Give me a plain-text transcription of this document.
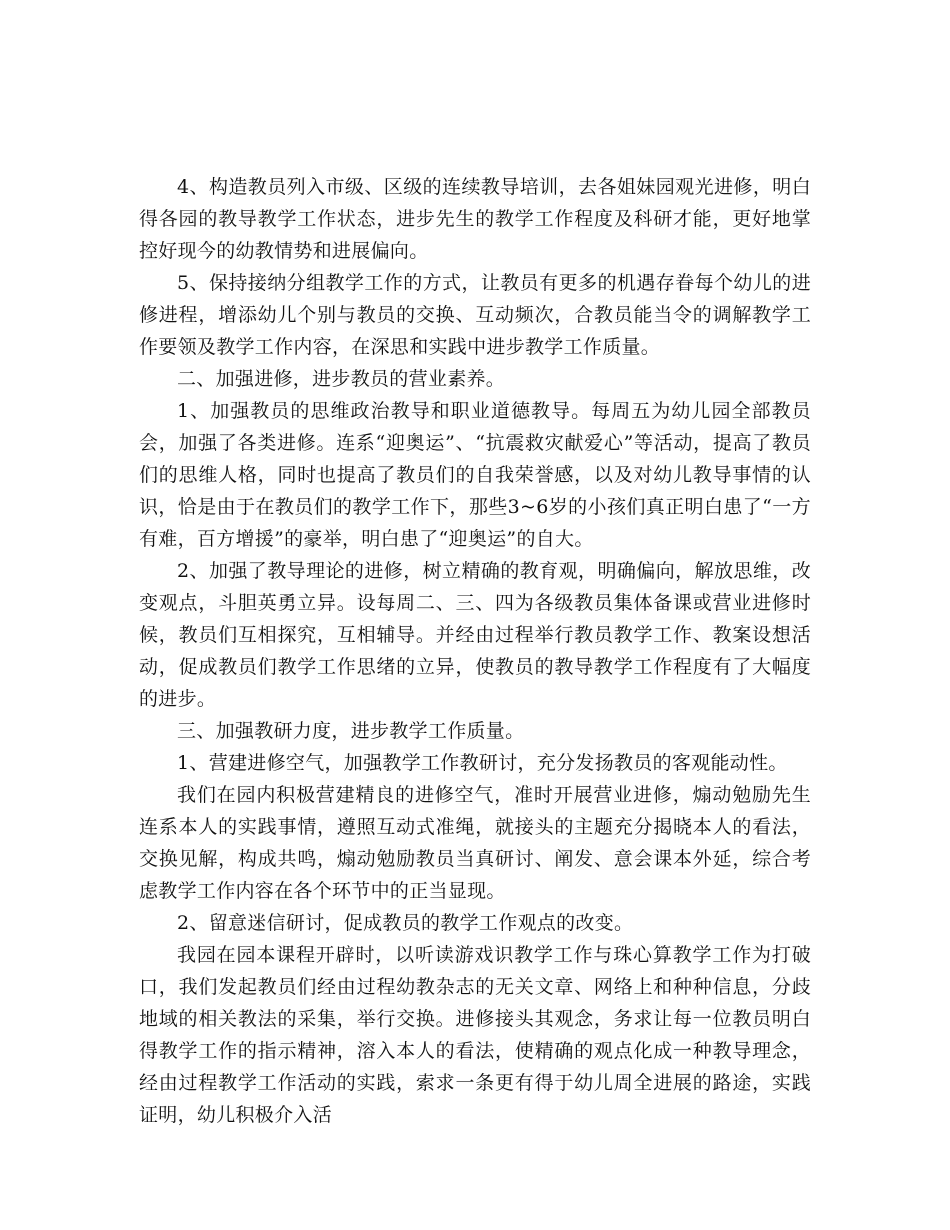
4、构造教员列入市级、区级的连续教导培训，去各姐妹园观光进修，明白得各园的教导教学工作状态，进步先生的教学工作程度及科研才能，更好地掌控好现今的幼教情势和进展偏向。

5、保持接纳分组教学工作的方式，让教员有更多的机遇存眷每个幼儿的进修进程，增添幼儿个别与教员的交换、互动频次，合教员能当令的调解教学工作要领及教学工作内容，在深思和实践中进步教学工作质量。

二、加强进修，进步教员的营业素养。

1、加强教员的思维政治教导和职业道德教导。每周五为幼儿园全部教员会，加强了各类进修。连系“迎奥运”、“抗震救灾献爱心”等活动，提高了教员们的思维人格，同时也提高了教员们的自我荣誉感，以及对幼儿教导事情的认识，恰是由于在教员们的教学工作下，那些3~6岁的小孩们真正明白患了“一方有难，百方增援”的豪举，明白患了“迎奥运”的自大。

2、加强了教导理论的进修，树立精确的教育观，明确偏向，解放思维，改变观点，斗胆英勇立异。设每周二、三、四为各级教员集体备课或营业进修时候，教员们互相探究，互相辅导。并经由过程举行教员教学工作、教案设想活动，促成教员们教学工作思绪的立异，使教员的教导教学工作程度有了大幅度的进步。

三、加强教研力度，进步教学工作质量。

1、营建进修空气，加强教学工作教研讨，充分发扬教员的客观能动性。

我们在园内积极营建精良的进修空气，准时开展营业进修，煽动勉励先生连系本人的实践事情，遵照互动式准绳，就接头的主题充分揭晓本人的看法，交换见解，构成共鸣，煽动勉励教员当真研讨、阐发、意会课本外延，综合考虑教学工作内容在各个环节中的正当显现。

2、留意迷信研讨，促成教员的教学工作观点的改变。

我园在园本课程开辟时，以听读游戏识教学工作与珠心算教学工作为打破口，我们发起教员们经由过程幼教杂志的无关文章、网络上和种种信息，分歧地域的相关教法的采集，举行交换。进修接头其观念，务求让每一位教员明白得教学工作的指示精神，溶入本人的看法，使精确的观点化成一种教导理念，经由过程教学工作活动的实践，索求一条更有得于幼儿周全进展的路途，实践证明，幼儿积极介入活
